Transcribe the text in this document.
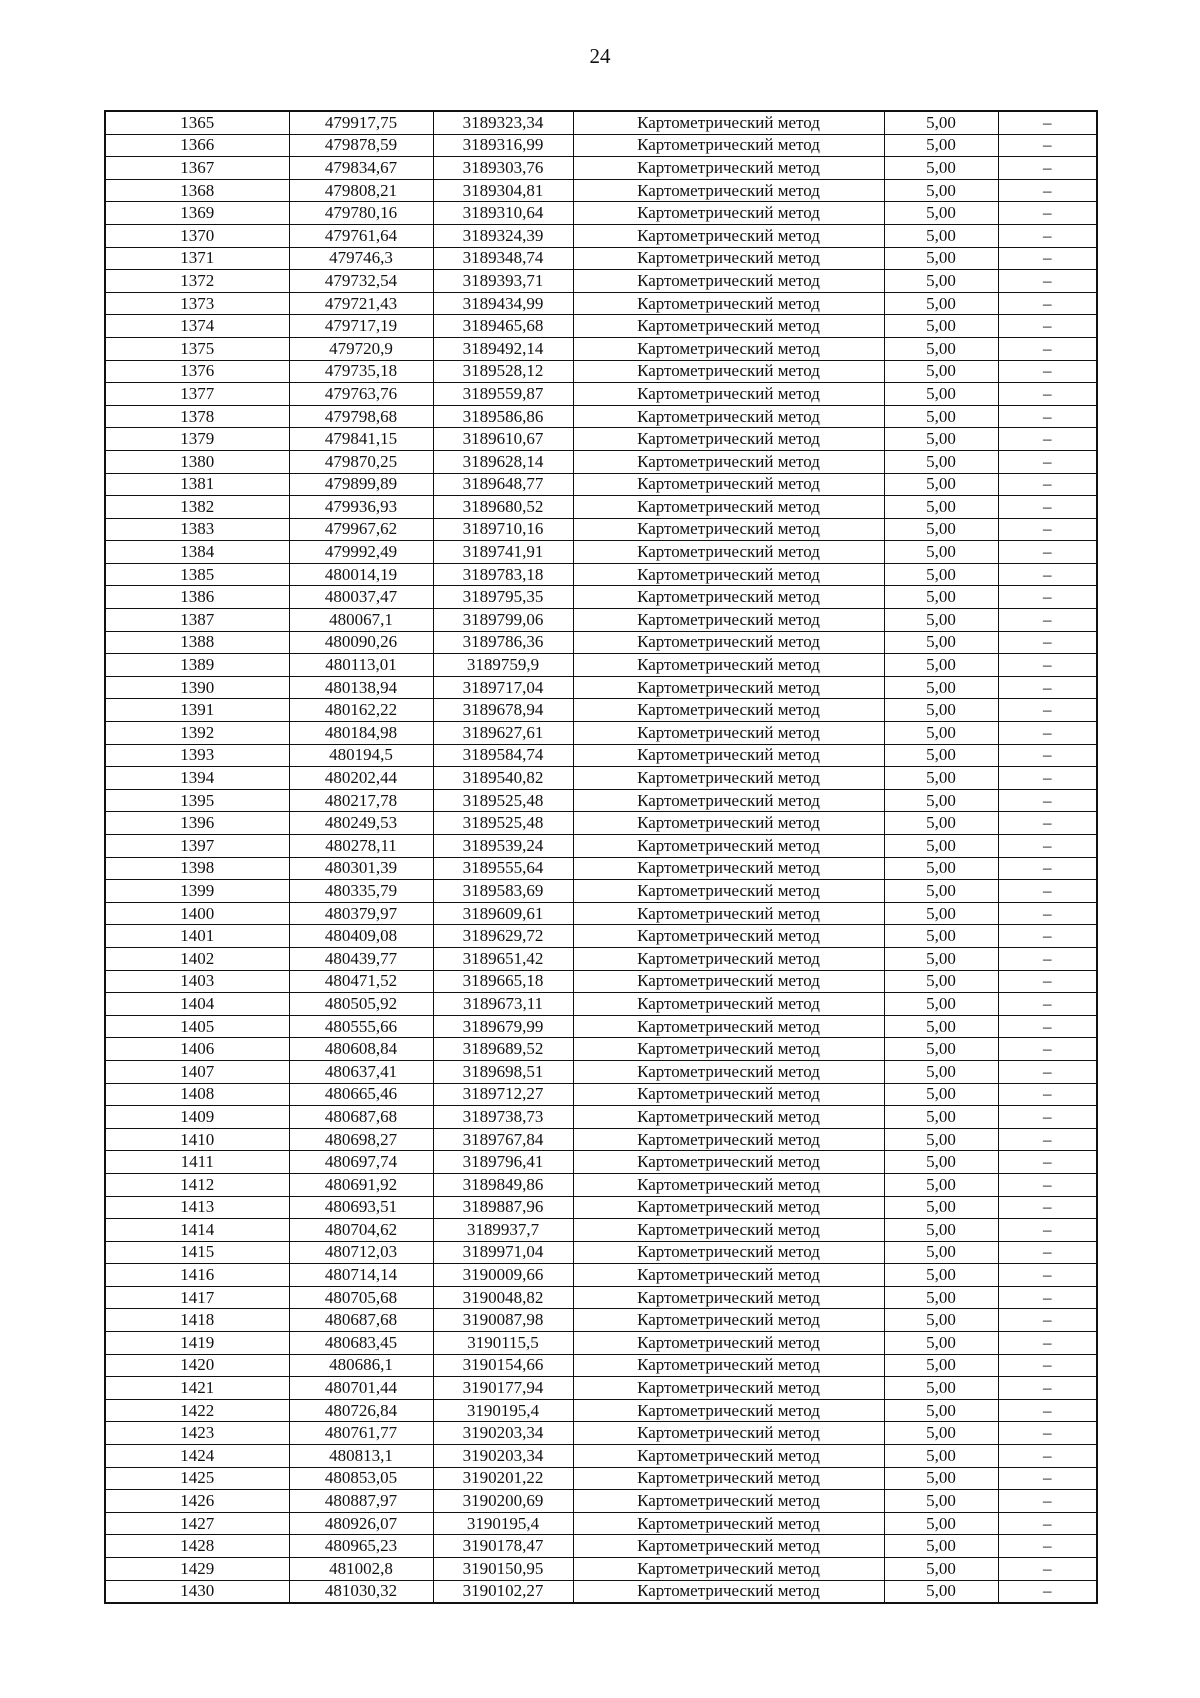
24
1365	479917,75	3189323,34	Картометрический метод	5,00	–
1366	479878,59	3189316,99	Картометрический метод	5,00	–
1367	479834,67	3189303,76	Картометрический метод	5,00	–
1368	479808,21	3189304,81	Картометрический метод	5,00	–
1369	479780,16	3189310,64	Картометрический метод	5,00	–
1370	479761,64	3189324,39	Картометрический метод	5,00	–
1371	479746,3	3189348,74	Картометрический метод	5,00	–
1372	479732,54	3189393,71	Картометрический метод	5,00	–
1373	479721,43	3189434,99	Картометрический метод	5,00	–
1374	479717,19	3189465,68	Картометрический метод	5,00	–
1375	479720,9	3189492,14	Картометрический метод	5,00	–
1376	479735,18	3189528,12	Картометрический метод	5,00	–
1377	479763,76	3189559,87	Картометрический метод	5,00	–
1378	479798,68	3189586,86	Картометрический метод	5,00	–
1379	479841,15	3189610,67	Картометрический метод	5,00	–
1380	479870,25	3189628,14	Картометрический метод	5,00	–
1381	479899,89	3189648,77	Картометрический метод	5,00	–
1382	479936,93	3189680,52	Картометрический метод	5,00	–
1383	479967,62	3189710,16	Картометрический метод	5,00	–
1384	479992,49	3189741,91	Картометрический метод	5,00	–
1385	480014,19	3189783,18	Картометрический метод	5,00	–
1386	480037,47	3189795,35	Картометрический метод	5,00	–
1387	480067,1	3189799,06	Картометрический метод	5,00	–
1388	480090,26	3189786,36	Картометрический метод	5,00	–
1389	480113,01	3189759,9	Картометрический метод	5,00	–
1390	480138,94	3189717,04	Картометрический метод	5,00	–
1391	480162,22	3189678,94	Картометрический метод	5,00	–
1392	480184,98	3189627,61	Картометрический метод	5,00	–
1393	480194,5	3189584,74	Картометрический метод	5,00	–
1394	480202,44	3189540,82	Картометрический метод	5,00	–
1395	480217,78	3189525,48	Картометрический метод	5,00	–
1396	480249,53	3189525,48	Картометрический метод	5,00	–
1397	480278,11	3189539,24	Картометрический метод	5,00	–
1398	480301,39	3189555,64	Картометрический метод	5,00	–
1399	480335,79	3189583,69	Картометрический метод	5,00	–
1400	480379,97	3189609,61	Картометрический метод	5,00	–
1401	480409,08	3189629,72	Картометрический метод	5,00	–
1402	480439,77	3189651,42	Картометрический метод	5,00	–
1403	480471,52	3189665,18	Картометрический метод	5,00	–
1404	480505,92	3189673,11	Картометрический метод	5,00	–
1405	480555,66	3189679,99	Картометрический метод	5,00	–
1406	480608,84	3189689,52	Картометрический метод	5,00	–
1407	480637,41	3189698,51	Картометрический метод	5,00	–
1408	480665,46	3189712,27	Картометрический метод	5,00	–
1409	480687,68	3189738,73	Картометрический метод	5,00	–
1410	480698,27	3189767,84	Картометрический метод	5,00	–
1411	480697,74	3189796,41	Картометрический метод	5,00	–
1412	480691,92	3189849,86	Картометрический метод	5,00	–
1413	480693,51	3189887,96	Картометрический метод	5,00	–
1414	480704,62	3189937,7	Картометрический метод	5,00	–
1415	480712,03	3189971,04	Картометрический метод	5,00	–
1416	480714,14	3190009,66	Картометрический метод	5,00	–
1417	480705,68	3190048,82	Картометрический метод	5,00	–
1418	480687,68	3190087,98	Картометрический метод	5,00	–
1419	480683,45	3190115,5	Картометрический метод	5,00	–
1420	480686,1	3190154,66	Картометрический метод	5,00	–
1421	480701,44	3190177,94	Картометрический метод	5,00	–
1422	480726,84	3190195,4	Картометрический метод	5,00	–
1423	480761,77	3190203,34	Картометрический метод	5,00	–
1424	480813,1	3190203,34	Картометрический метод	5,00	–
1425	480853,05	3190201,22	Картометрический метод	5,00	–
1426	480887,97	3190200,69	Картометрический метод	5,00	–
1427	480926,07	3190195,4	Картометрический метод	5,00	–
1428	480965,23	3190178,47	Картометрический метод	5,00	–
1429	481002,8	3190150,95	Картометрический метод	5,00	–
1430	481030,32	3190102,27	Картометрический метод	5,00	–
